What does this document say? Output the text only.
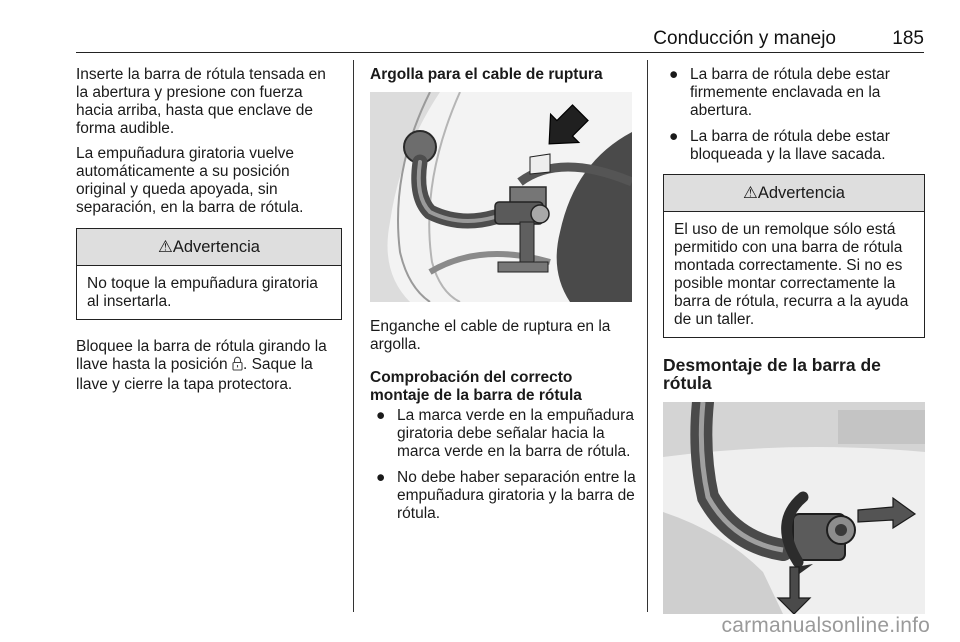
Conducción y manejo	185

Inserte la barra de rótula tensada en la abertura y presione con fuerza hacia arriba, hasta que enclave de forma audible.

La empuñadura giratoria vuelve automáticamente a su posición original y queda apoyada, sin separación, en la barra de rótula.

⚠Advertencia
No toque la empuñadura giratoria al insertarla.

Bloquee la barra de rótula girando la llave hasta la posición . Saque la llave y cierre la tapa protectora.

Argolla para el cable de ruptura

Enganche el cable de ruptura en la argolla.

Comprobación del correcto montaje de la barra de rótula
● La marca verde en la empuñadura giratoria debe señalar hacia la marca verde en la barra de rótula.
● No debe haber separación entre la empuñadura giratoria y la barra de rótula.
● La barra de rótula debe estar firmemente enclavada en la abertura.
● La barra de rótula debe estar bloqueada y la llave sacada.
⚠Advertencia
El uso de un remolque sólo está permitido con una barra de rótula montada correctamente. Si no es posible montar correctamente la barra de rótula, recurra a la ayuda de un taller.
Desmontaje de la barra de rótula
carmanualsonline.info
